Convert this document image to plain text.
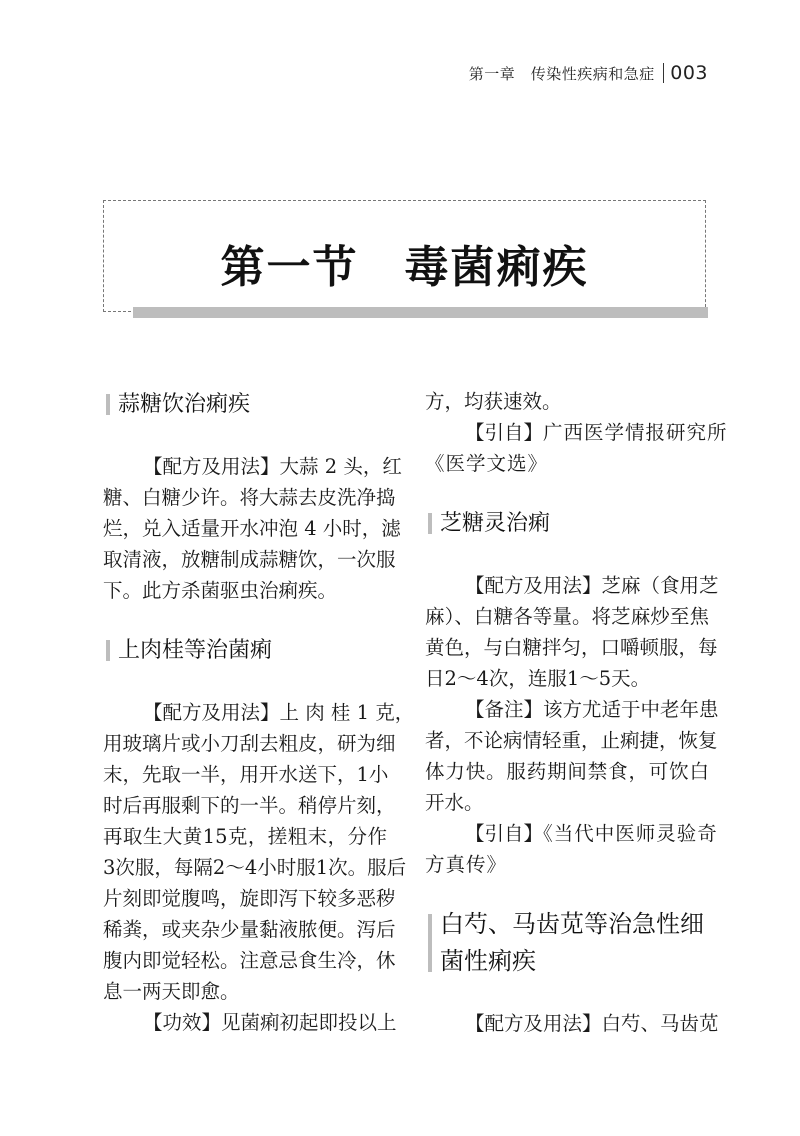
第一章　传染性疾病和急症 003
第一节　毒菌痢疾
蒜糖饮治痢疾
【配方及用法】大蒜 2 头，红
糖、白糖少许。将大蒜去皮洗净捣
烂，兑入适量开水冲泡 4 小时，滤
取清液，放糖制成蒜糖饮，一次服
下。此方杀菌驱虫治痢疾。
上肉桂等治菌痢
【配方及用法】上 肉 桂 1 克，
用玻璃片或小刀刮去粗皮，研为细
末，先取一半，用开水送下，1小
时后再服剩下的一半。稍停片刻，
再取生大黄15克，搓粗末，分作
3次服，每隔2～4小时服1次。服后
片刻即觉腹鸣，旋即泻下较多恶秽
稀粪，或夹杂少量黏液脓便。泻后
腹内即觉轻松。注意忌食生冷，休
息一两天即愈。
【功效】见菌痢初起即投以上
方，均获速效。
【引自】广西医学情报研究所
《医学文选》
芝糖灵治痢
【配方及用法】芝麻（食用芝
麻）、白糖各等量。将芝麻炒至焦
黄色，与白糖拌匀，口嚼顿服，每
日2～4次，连服1～5天。
【备注】该方尤适于中老年患
者，不论病情轻重，止痢捷，恢复
体力快。服药期间禁食，可饮白
开水。
【引自】《当代中医师灵验奇
方真传》
白芍、马齿苋等治急性细
菌性痢疾
【配方及用法】白芍、马齿苋
